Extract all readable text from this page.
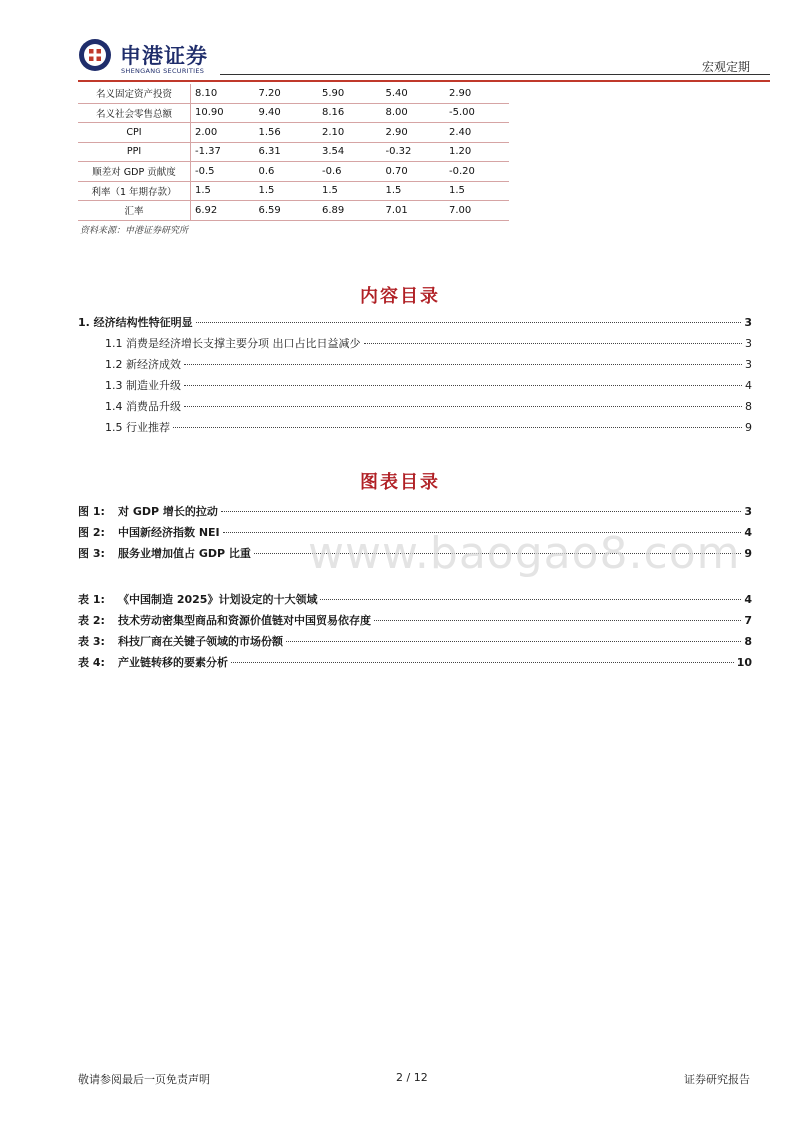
申港证券
SHENGANG SECURITIES	宏观定期
名义固定资产投资	8.10	7.20	5.90	5.40	2.90
名义社会零售总额	10.90	9.40	8.16	8.00	-5.00
CPI	2.00	1.56	2.10	2.90	2.40
PPI	-1.37	6.31	3.54	-0.32	1.20
顺差对 GDP 贡献度	-0.5	0.6	-0.6	0.70	-0.20
利率（1 年期存款）	1.5	1.5	1.5	1.5	1.5
汇率	6.92	6.59	6.89	7.01	7.00
资料来源：申港证券研究所
内容目录
1. 经济结构性特征明显	3
1.1 消费是经济增长支撑主要分项 出口占比日益减少	3
1.2 新经济成效	3
1.3 制造业升级	4
1.4 消费品升级	8
1.5 行业推荐	9
图表目录
图 1: 对 GDP 增长的拉动	3
图 2: 中国新经济指数 NEI	4
图 3: 服务业增加值占 GDP 比重	9
表 1: 《中国制造 2025》计划设定的十大领域	4
表 2: 技术劳动密集型商品和资源价值链对中国贸易依存度	7
表 3: 科技厂商在关键子领域的市场份额	8
表 4: 产业链转移的要素分析	10
www.baogao8.com
敬请参阅最后一页免责声明	2 / 12	证券研究报告
